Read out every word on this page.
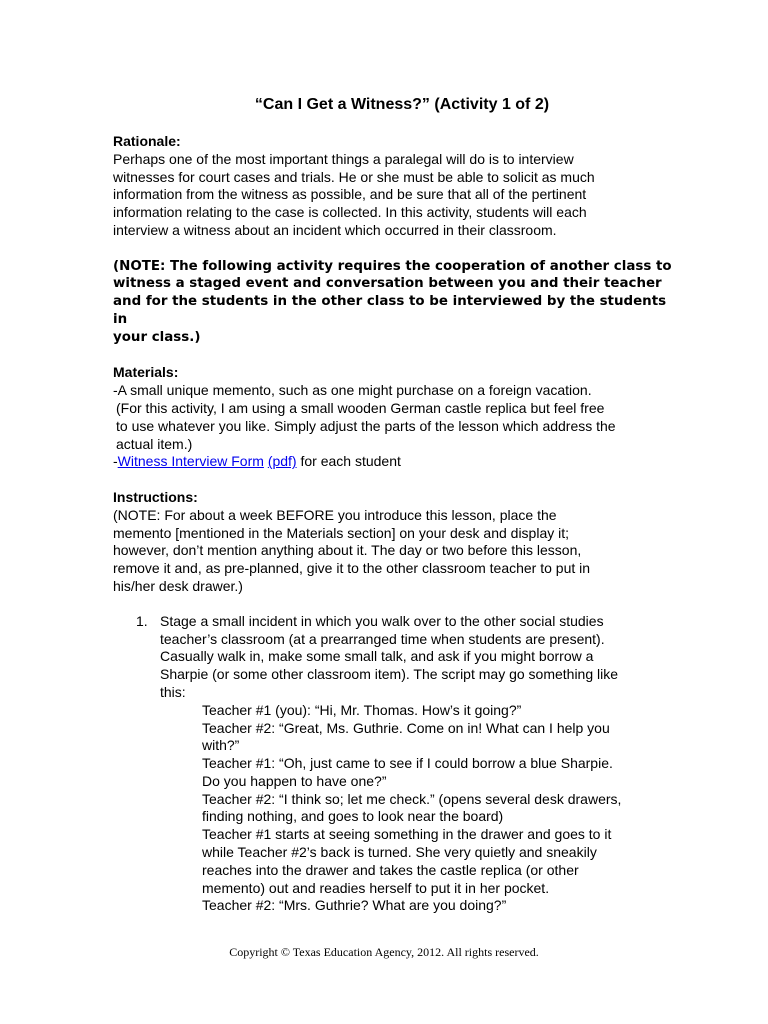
“Can I Get a Witness?” (Activity 1 of 2)

Rationale:

Perhaps one of the most important things a paralegal will do is to interview

witnesses for court cases and trials. He or she must be able to solicit as much

information from the witness as possible, and be sure that all of the pertinent

information relating to the case is collected. In this activity, students will each

interview a witness about an incident which occurred in their classroom.

(NOTE: The following activity requires the cooperation of another class to

witness a staged event and conversation between you and their teacher

and for the students in the other class to be interviewed by the students in

your class.)

Materials:

-A small unique memento, such as one might purchase on a foreign vacation.

(For this activity, I am using a small wooden German castle replica but feel free

to use whatever you like. Simply adjust the parts of the lesson which address the

actual item.)

-Witness Interview Form (pdf) for each student

Instructions:

(NOTE: For about a week BEFORE you introduce this lesson, place the

memento [mentioned in the Materials section] on your desk and display it;

however, don’t mention anything about it. The day or two before this lesson,

remove it and, as pre-planned, give it to the other classroom teacher to put in

his/her desk drawer.)

1. Stage a small incident in which you walk over to the other social studies

teacher’s classroom (at a prearranged time when students are present).

Casually walk in, make some small talk, and ask if you might borrow a

Sharpie (or some other classroom item). The script may go something like

this:

Teacher #1 (you): “Hi, Mr. Thomas. How’s it going?”

Teacher #2: “Great, Ms. Guthrie. Come on in! What can I help you

with?”

Teacher #1: “Oh, just came to see if I could borrow a blue Sharpie.

Do you happen to have one?”

Teacher #2: “I think so; let me check.” (opens several desk drawers,

finding nothing, and goes to look near the board)

Teacher #1 starts at seeing something in the drawer and goes to it

while Teacher #2’s back is turned. She very quietly and sneakily

reaches into the drawer and takes the castle replica (or other

memento) out and readies herself to put it in her pocket.

Teacher #2: “Mrs. Guthrie? What are you doing?”

Copyright © Texas Education Agency, 2012. All rights reserved.
